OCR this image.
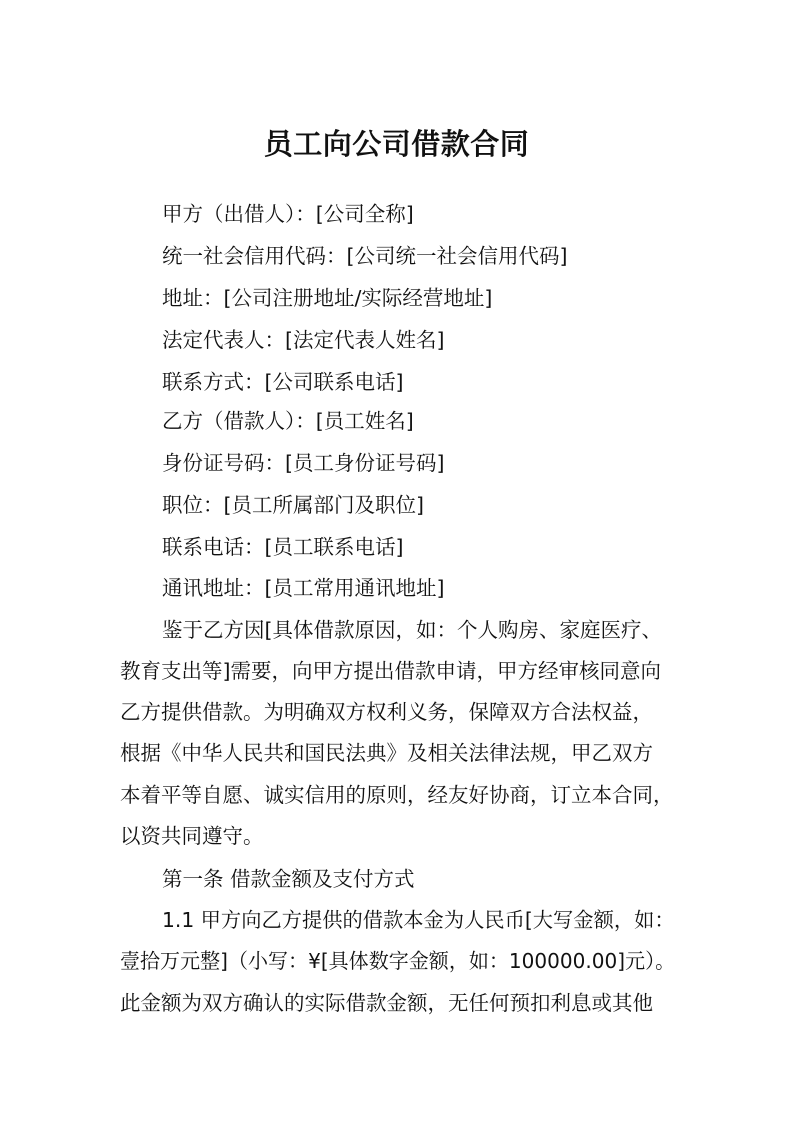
员工向公司借款合同
甲方（出借人）：[公司全称]
统一社会信用代码：[公司统一社会信用代码]
地址：[公司注册地址/实际经营地址]
法定代表人：[法定代表人姓名]
联系方式：[公司联系电话]
乙方（借款人）：[员工姓名]
身份证号码：[员工身份证号码]
职位：[员工所属部门及职位]
联系电话：[员工联系电话]
通讯地址：[员工常用通讯地址]
鉴于乙方因[具体借款原因，如：个人购房、家庭医疗、
教育支出等]需要，向甲方提出借款申请，甲方经审核同意向
乙方提供借款。为明确双方权利义务，保障双方合法权益，
根据《中华人民共和国民法典》及相关法律法规，甲乙双方
本着平等自愿、诚实信用的原则，经友好协商，订立本合同，
以资共同遵守。
第一条 借款金额及支付方式
1.1 甲方向乙方提供的借款本金为人民币[大写金额，如：
壹拾万元整]（小写：¥[具体数字金额，如：100000.00]元）。
此金额为双方确认的实际借款金额，无任何预扣利息或其他
